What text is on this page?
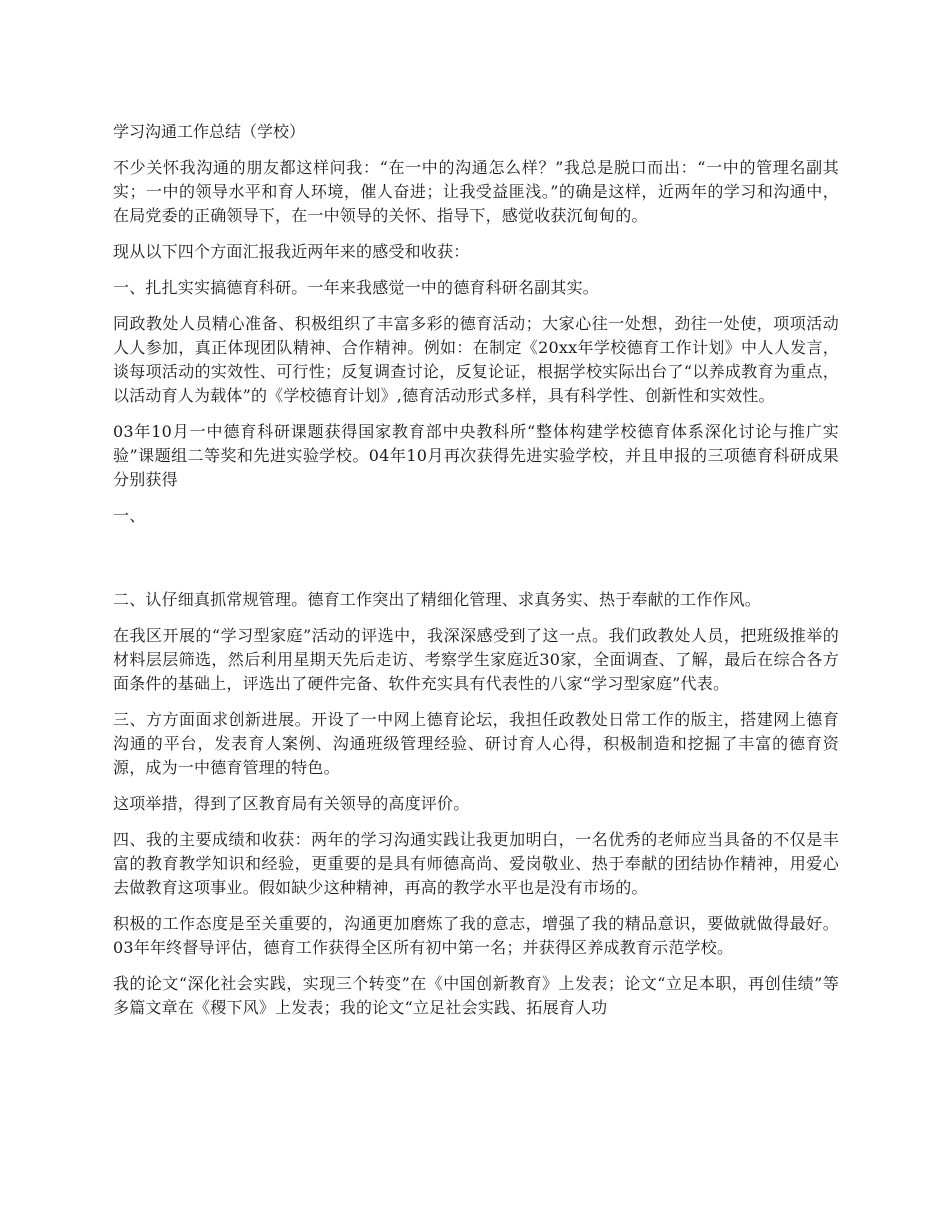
学习沟通工作总结（学校）

不少关怀我沟通的朋友都这样问我：“在一中的沟通怎么样？”我总是脱口而出：“一中的管理名副其实；一中的领导水平和育人环境，催人奋进；让我受益匪浅。”的确是这样，近两年的学习和沟通中，在局党委的正确领导下，在一中领导的关怀、指导下，感觉收获沉甸甸的。

现从以下四个方面汇报我近两年来的感受和收获：

一、扎扎实实搞德育科研。一年来我感觉一中的德育科研名副其实。

同政教处人员精心准备、积极组织了丰富多彩的德育活动；大家心往一处想，劲往一处使，项项活动人人参加，真正体现团队精神、合作精神。例如：在制定《20xx年学校德育工作计划》中人人发言，谈每项活动的实效性、可行性；反复调查讨论，反复论证，根据学校实际出台了“以养成教育为重点，以活动育人为载体”的《学校德育计划》,德育活动形式多样，具有科学性、创新性和实效性。

03年10月一中德育科研课题获得国家教育部中央教科所“整体构建学校德育体系深化讨论与推广实验”课题组二等奖和先进实验学校。04年10月再次获得先进实验学校，并且申报的三项德育科研成果分别获得

一、

二、认仔细真抓常规管理。德育工作突出了精细化管理、求真务实、热于奉献的工作作风。

在我区开展的“学习型家庭”活动的评选中，我深深感受到了这一点。我们政教处人员，把班级推举的材料层层筛选，然后利用星期天先后走访、考察学生家庭近30家，全面调查、了解，最后在综合各方面条件的基础上，评选出了硬件完备、软件充实具有代表性的八家“学习型家庭”代表。

三、方方面面求创新进展。开设了一中网上德育论坛，我担任政教处日常工作的版主，搭建网上德育沟通的平台，发表育人案例、沟通班级管理经验、研讨育人心得，积极制造和挖掘了丰富的德育资源，成为一中德育管理的特色。

这项举措，得到了区教育局有关领导的高度评价。

四、我的主要成绩和收获：两年的学习沟通实践让我更加明白，一名优秀的老师应当具备的不仅是丰富的教育教学知识和经验，更重要的是具有师德高尚、爱岗敬业、热于奉献的团结协作精神，用爱心去做教育这项事业。假如缺少这种精神，再高的教学水平也是没有市场的。

积极的工作态度是至关重要的，沟通更加磨炼了我的意志，增强了我的精品意识，要做就做得最好。03年年终督导评估，德育工作获得全区所有初中第一名；并获得区养成教育示范学校。

我的论文“深化社会实践，实现三个转变”在《中国创新教育》上发表；论文“立足本职，再创佳绩”等多篇文章在《稷下风》上发表；我的论文“立足社会实践、拓展育人功
